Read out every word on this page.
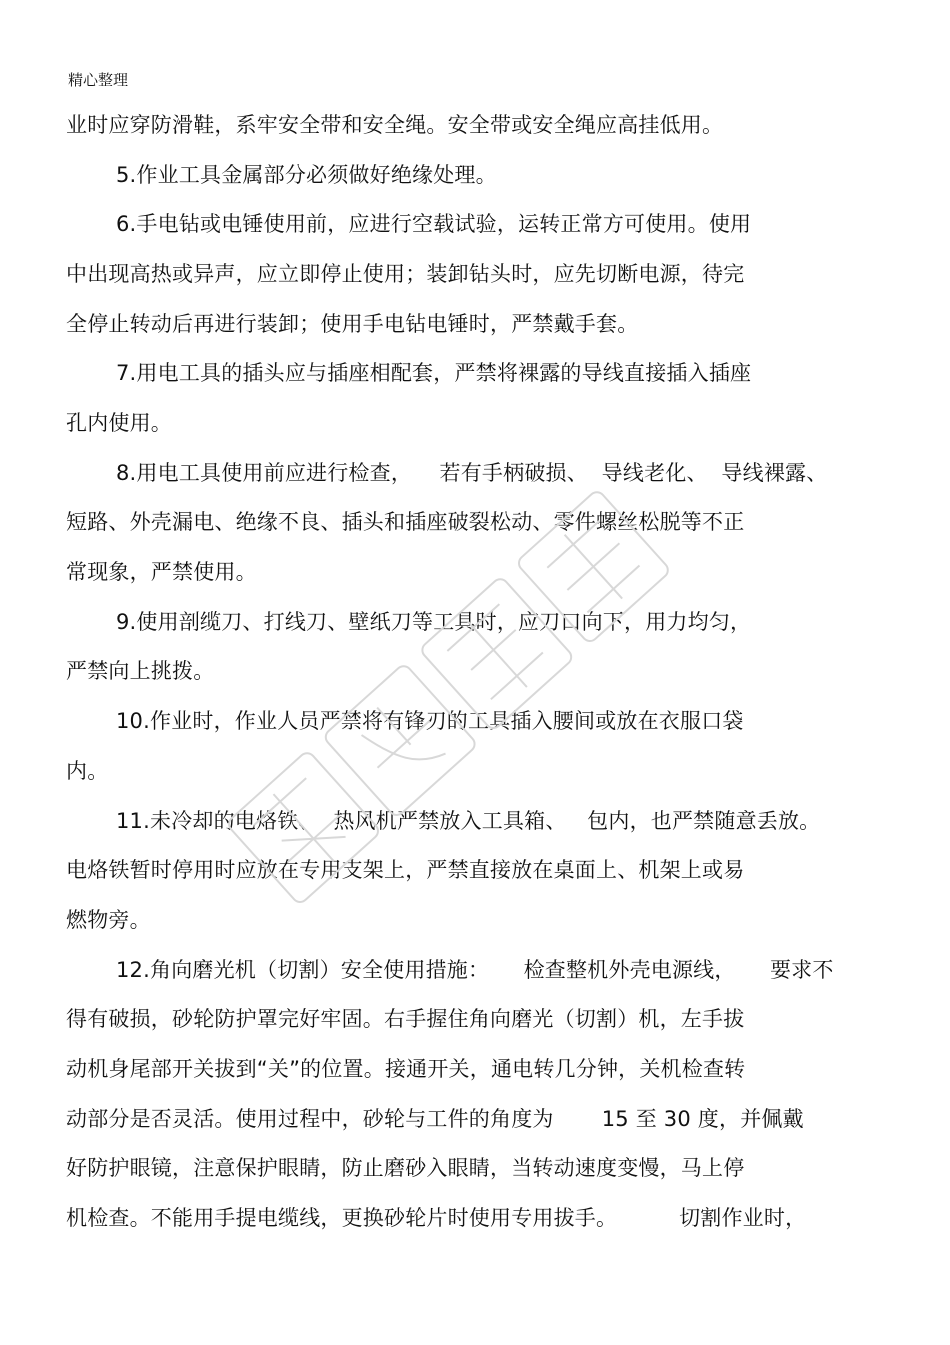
精心整理
业时应穿防滑鞋，系牢安全带和安全绳。安全带或安全绳应高挂低用。
5.作业工具金属部分必须做好绝缘处理。
6.手电钻或电锤使用前，应进行空载试验，运转正常方可使用。使用
中出现高热或异声，应立即停止使用；装卸钻头时，应先切断电源，待完
全停止转动后再进行装卸；使用手电钻电锤时，严禁戴手套。
7.用电工具的插头应与插座相配套，严禁将裸露的导线直接插入插座
孔内使用。
8.用电工具使用前应进行检查，    若有手柄破损、  导线老化、  导线裸露、
短路、外壳漏电、绝缘不良、插头和插座破裂松动、零件螺丝松脱等不正
常现象，严禁使用。
9.使用剖缆刀、打线刀、壁纸刀等工具时，应刀口向下，用力均匀，
严禁向上挑拨。
10.作业时，作业人员严禁将有锋刃的工具插入腰间或放在衣服口袋
内。
11.未冷却的电烙铁、  热风机严禁放入工具箱、   包内，也严禁随意丢放。
电烙铁暂时停用时应放在专用支架上，严禁直接放在桌面上、机架上或易
燃物旁。
12.角向磨光机（切割）安全使用措施：     检查整机外壳电源线，     要求不
得有破损，砂轮防护罩完好牢固。右手握住角向磨光（切割）机，左手拔
动机身尾部开关拔到“关”的位置。接通开关，通电转几分钟，关机检查转
动部分是否灵活。使用过程中，砂轮与工件的角度为       15 至 30 度，并佩戴
好防护眼镜，注意保护眼睛，防止磨砂入眼睛，当转动速度变慢，马上停
机检查。不能用手提电缆线，更换砂轮片时使用专用拔手。         切割作业时，
